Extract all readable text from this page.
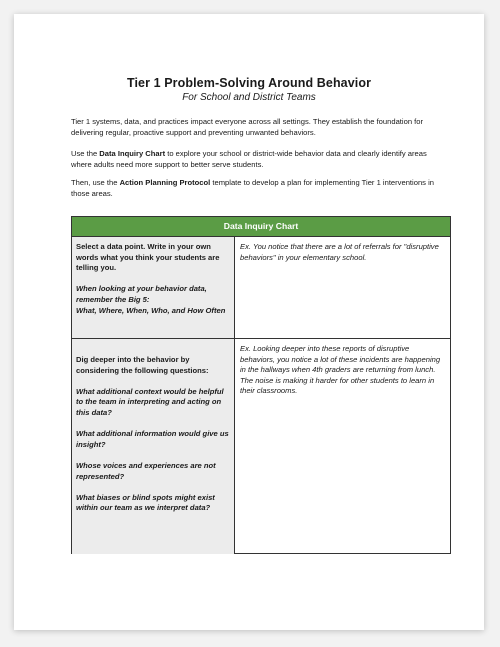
Tier 1 Problem-Solving Around Behavior
For School and District Teams

Tier 1 systems, data, and practices impact everyone across all settings. They establish the foundation for delivering regular, proactive support and preventing unwanted behaviors.

Use the Data Inquiry Chart to explore your school or district-wide behavior data and clearly identify areas where adults need more support to better serve students.

Then, use the Action Planning Protocol template to develop a plan for implementing Tier 1 interventions in those areas.

Data Inquiry Chart

Select a data point. Write in your own words what you think your students are telling you.

When looking at your behavior data, remember the Big 5:

What, Where, When, Who, and How Often

Ex. You notice that there are a lot of referrals for "disruptive behaviors" in your elementary school.

Dig deeper into the behavior by considering the following questions:

What additional context would be helpful to the team in interpreting and acting on this data?

What additional information would give us insight?

Whose voices and experiences are not represented?

What biases or blind spots might exist within our team as we interpret data?

Ex. Looking deeper into these reports of disruptive behaviors, you notice a lot of these incidents are happening in the hallways when 4th graders are returning from lunch. The noise is making it harder for other students to learn in their classrooms.
